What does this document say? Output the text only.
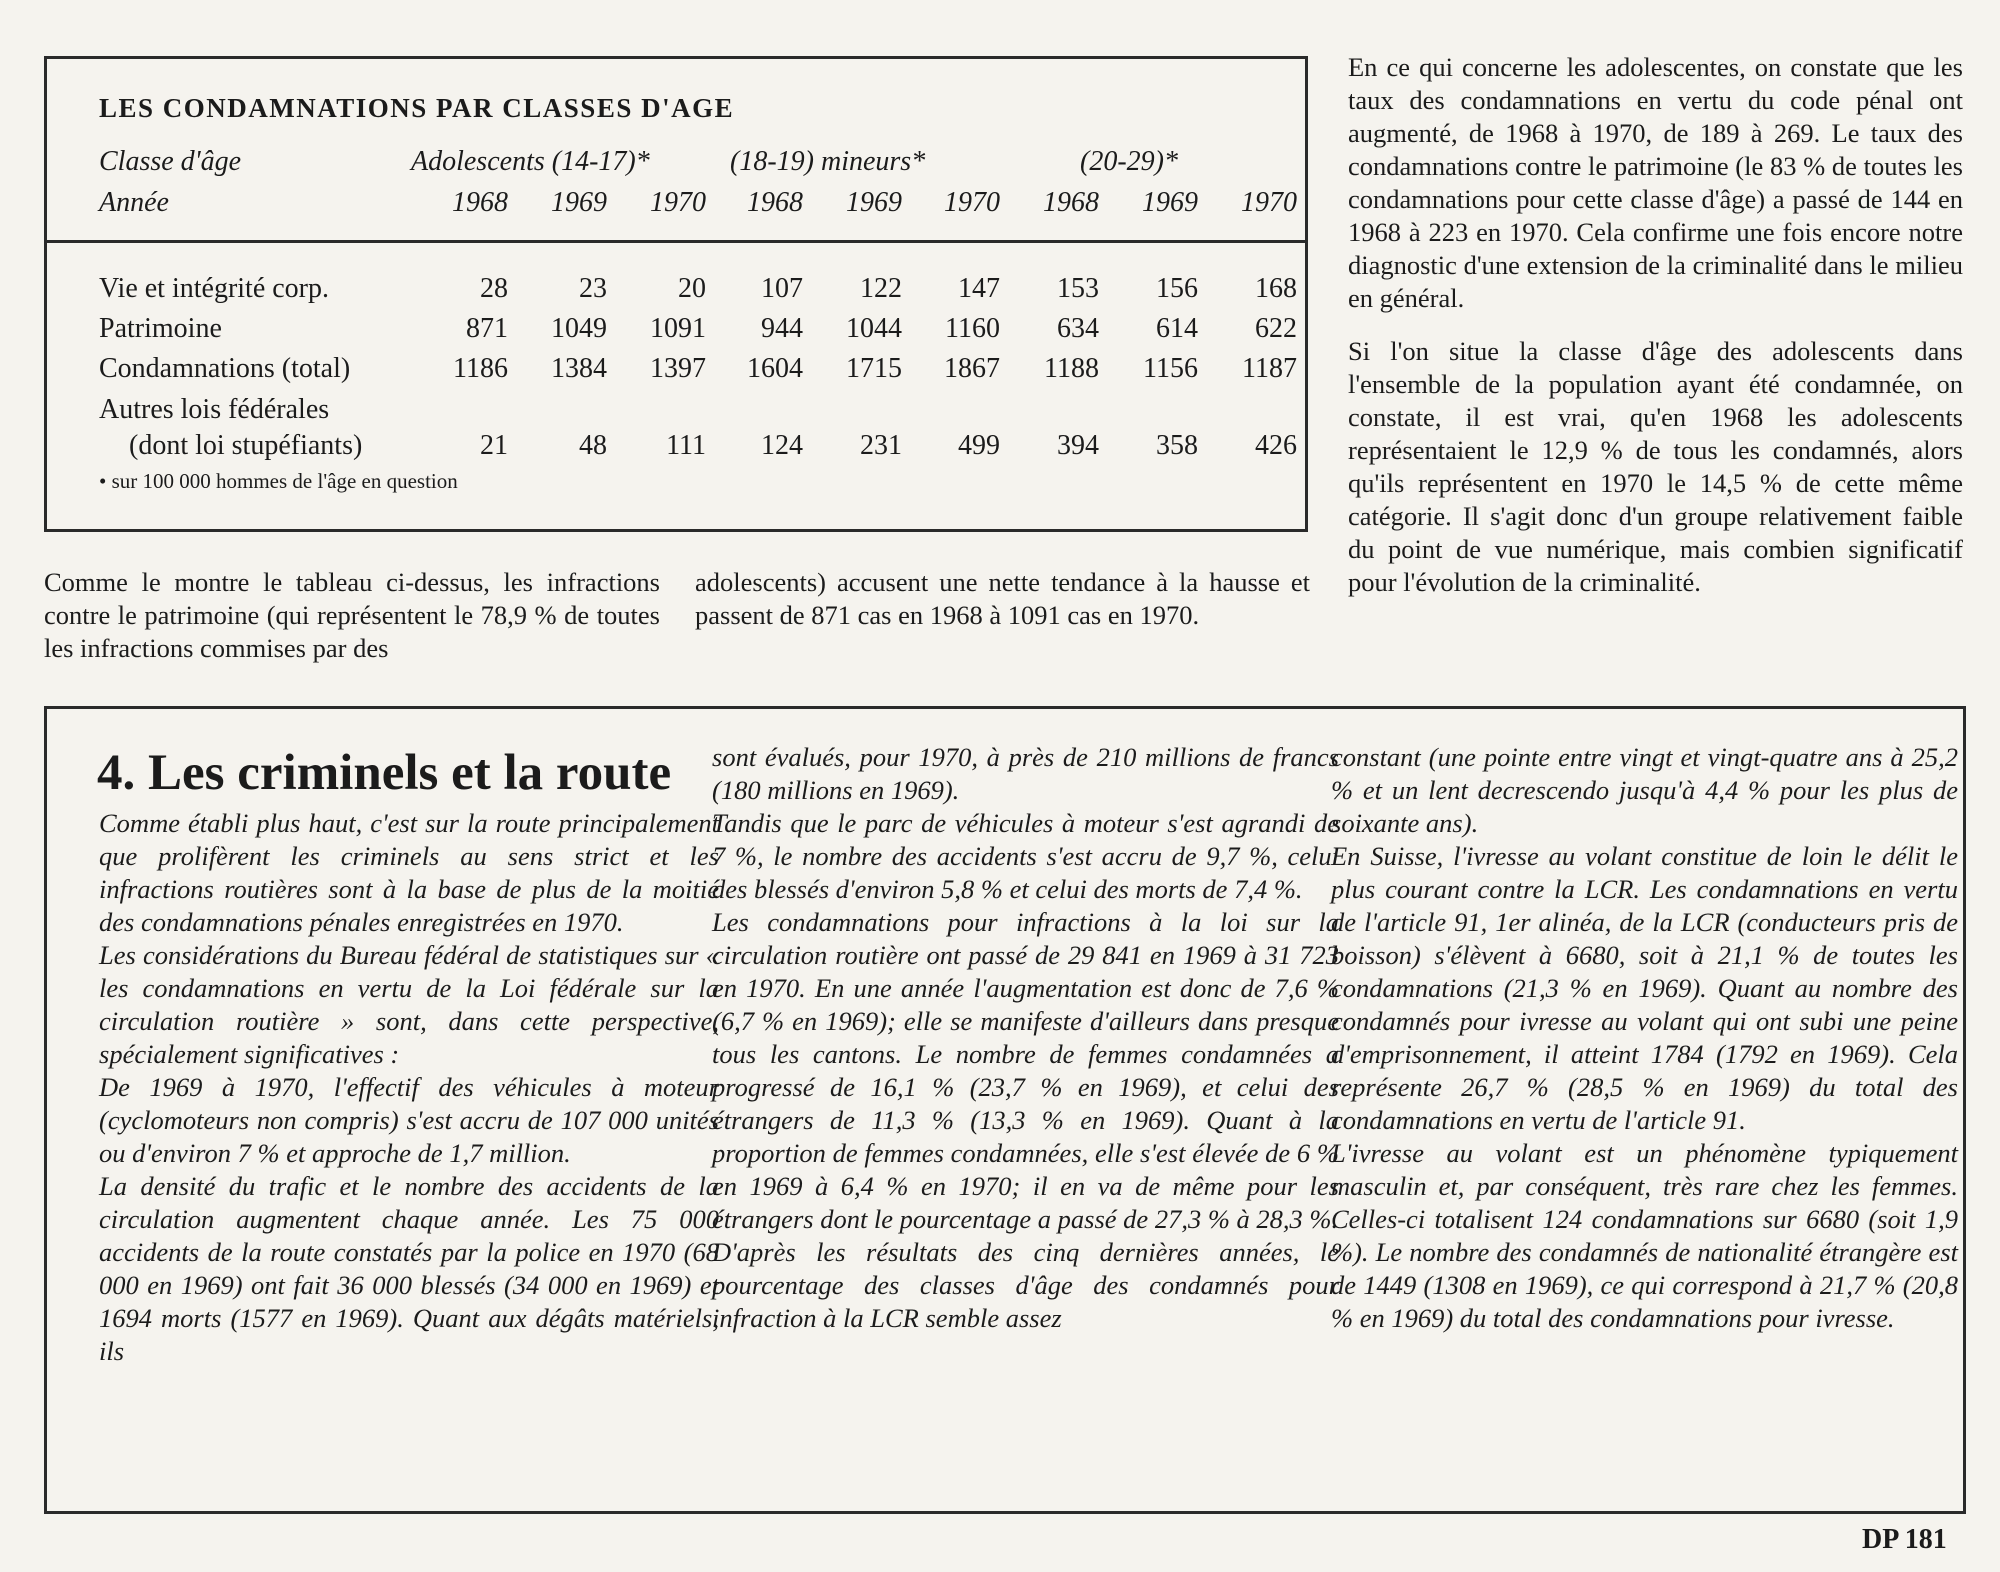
LES CONDAMNATIONS PAR CLASSES D'AGE
Classe d'âge	Adolescents (14-17)*	(18-19) mineurs*	(20-29)*
Année	1968	1969	1970	1968	1969	1970	1968	1969	1970
Vie et intégrité corp.	28	23	20	107	122	147	153	156	168
Patrimoine	871	1049	1091	944	1044	1160	634	614	622
Condamnations (total)	1186	1384	1397	1604	1715	1867	1188	1156	1187
Autres lois fédérales
(dont loi stupéfiants)	21	48	111	124	231	499	394	358	426
• sur 100 000 hommes de l'âge en question

Comme le montre le tableau ci-dessus, les infractions contre le patrimoine (qui représentent le 78,9 % de toutes les infractions commises par des

adolescents) accusent une nette tendance à la hausse et passent de 871 cas en 1968 à 1091 cas en 1970.

En ce qui concerne les adolescentes, on constate que les taux des condamnations en vertu du code pénal ont augmenté, de 1968 à 1970, de 189 à 269. Le taux des condamnations contre le patrimoine (le 83 % de toutes les condamnations pour cette classe d'âge) a passé de 144 en 1968 à 223 en 1970. Cela confirme une fois encore notre diagnostic d'une extension de la criminalité dans le milieu en général.

Si l'on situe la classe d'âge des adolescents dans l'ensemble de la population ayant été condamnée, on constate, il est vrai, qu'en 1968 les adolescents représentaient le 12,9 % de tous les condamnés, alors qu'ils représentent en 1970 le 14,5 % de cette même catégorie. Il s'agit donc d'un groupe relativement faible du point de vue numérique, mais combien significatif pour l'évolution de la criminalité.

4. Les criminels et la route

Comme établi plus haut, c'est sur la route principalement que prolifèrent les criminels au sens strict et les infractions routières sont à la base de plus de la moitié des condamnations pénales enregistrées en 1970.

Les considérations du Bureau fédéral de statistiques sur « les condamnations en vertu de la Loi fédérale sur la circulation routière » sont, dans cette perspective, spécialement significatives :

De 1969 à 1970, l'effectif des véhicules à moteur (cyclomoteurs non compris) s'est accru de 107 000 unités ou d'environ 7 % et approche de 1,7 million.

La densité du trafic et le nombre des accidents de la circulation augmentent chaque année. Les 75 000 accidents de la route constatés par la police en 1970 (68 000 en 1969) ont fait 36 000 blessés (34 000 en 1969) et 1694 morts (1577 en 1969). Quant aux dégâts matériels, ils

sont évalués, pour 1970, à près de 210 millions de francs (180 millions en 1969).

Tandis que le parc de véhicules à moteur s'est agrandi de 7 %, le nombre des accidents s'est accru de 9,7 %, celui des blessés d'environ 5,8 % et celui des morts de 7,4 %.

Les condamnations pour infractions à la loi sur la circulation routière ont passé de 29 841 en 1969 à 31 723 en 1970. En une année l'augmentation est donc de 7,6 % (6,7 % en 1969); elle se manifeste d'ailleurs dans presque tous les cantons. Le nombre de femmes condamnées a progressé de 16,1 % (23,7 % en 1969), et celui des étrangers de 11,3 % (13,3 % en 1969). Quant à la proportion de femmes condamnées, elle s'est élevée de 6 % en 1969 à 6,4 % en 1970; il en va de même pour les étrangers dont le pourcentage a passé de 27,3 % à 28,3 %.

D'après les résultats des cinq dernières années, le pourcentage des classes d'âge des condamnés pour infraction à la LCR semble assez

constant (une pointe entre vingt et vingt-quatre ans à 25,2 % et un lent decrescendo jusqu'à 4,4 % pour les plus de soixante ans).

En Suisse, l'ivresse au volant constitue de loin le délit le plus courant contre la LCR. Les condamnations en vertu de l'article 91, 1er alinéa, de la LCR (conducteurs pris de boisson) s'élèvent à 6680, soit à 21,1 % de toutes les condamnations (21,3 % en 1969). Quant au nombre des condamnés pour ivresse au volant qui ont subi une peine d'emprisonnement, il atteint 1784 (1792 en 1969). Cela représente 26,7 % (28,5 % en 1969) du total des condamnations en vertu de l'article 91.

L'ivresse au volant est un phénomène typiquement masculin et, par conséquent, très rare chez les femmes. Celles-ci totalisent 124 condamnations sur 6680 (soit 1,9 %). Le nombre des condamnés de nationalité étrangère est de 1449 (1308 en 1969), ce qui correspond à 21,7 % (20,8 % en 1969) du total des condamnations pour ivresse.

DP 181
